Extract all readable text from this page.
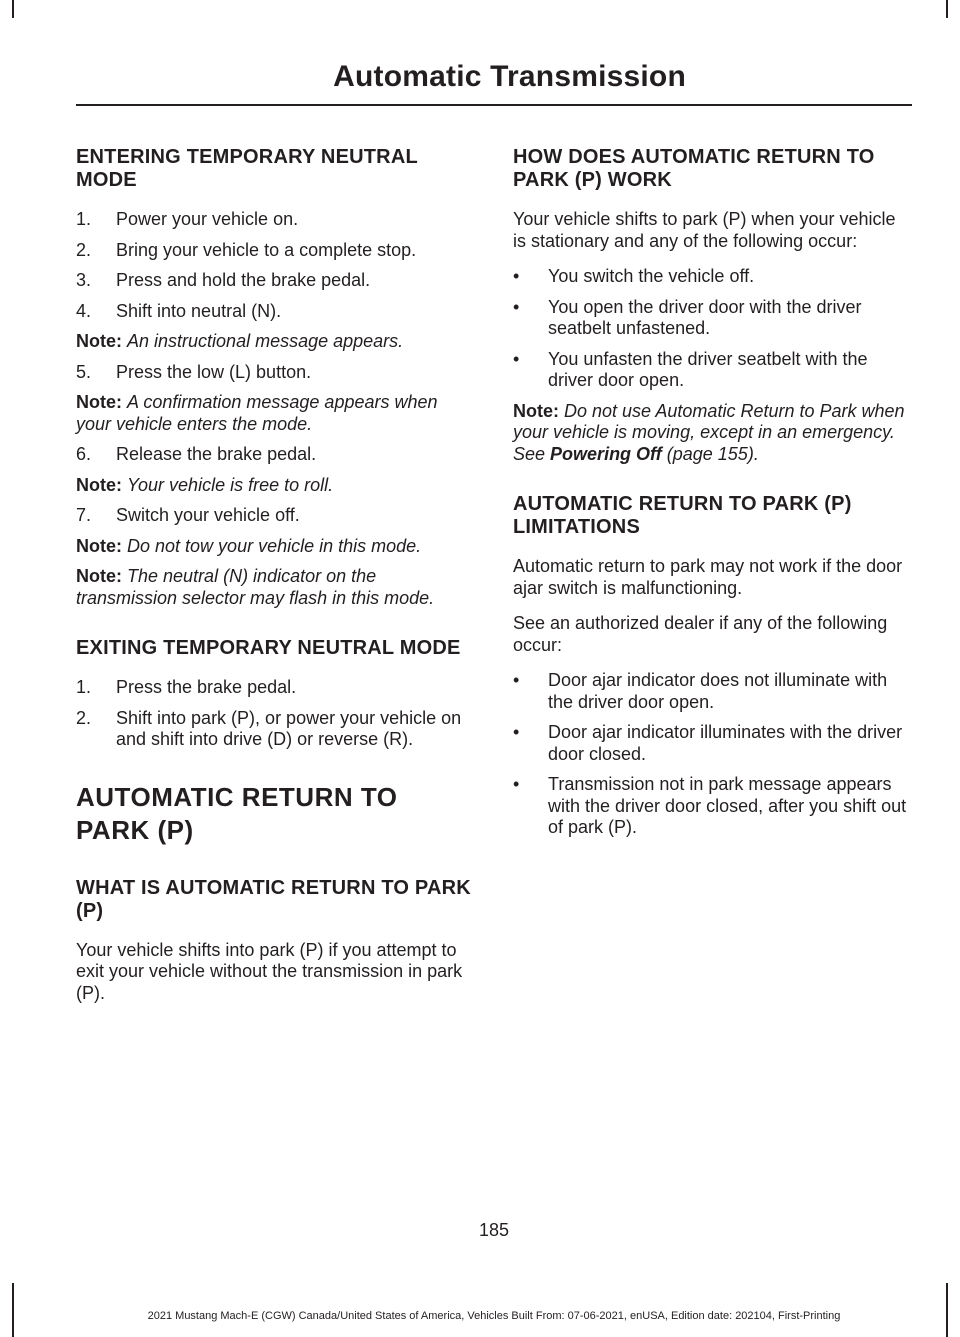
Automatic Transmission
ENTERING TEMPORARY NEUTRAL MODE
1.	Power your vehicle on.
2.	Bring your vehicle to a complete stop.
3.	Press and hold the brake pedal.
4.	Shift into neutral (N).

Note: An instructional message appears.

5.	Press the low (L) button.

Note: A confirmation message appears when your vehicle enters the mode.

6.	Release the brake pedal.

Note: Your vehicle is free to roll.

7.	Switch your vehicle off.

Note: Do not tow your vehicle in this mode.

Note: The neutral (N) indicator on the transmission selector may flash in this mode.

EXITING TEMPORARY NEUTRAL MODE
1.	Press the brake pedal.
2.	Shift into park (P), or power your vehicle on and shift into drive (D) or reverse (R).
AUTOMATIC RETURN TO
PARK (P)
WHAT IS AUTOMATIC RETURN TO PARK (P)

Your vehicle shifts into park (P) if you attempt to exit your vehicle without the transmission in park (P).

HOW DOES AUTOMATIC RETURN TO PARK (P) WORK

Your vehicle shifts to park (P) when your vehicle is stationary and any of the following occur:

•	You switch the vehicle off.
•	You open the driver door with the driver seatbelt unfastened.
•	You unfasten the driver seatbelt with the driver door open.

Note: Do not use Automatic Return to Park when your vehicle is moving, except in an emergency. See Powering Off (page 155).

AUTOMATIC RETURN TO PARK (P) LIMITATIONS

Automatic return to park may not work if the door ajar switch is malfunctioning.

See an authorized dealer if any of the following occur:

•	Door ajar indicator does not illuminate with the driver door open.
•	Door ajar indicator illuminates with the driver door closed.
•	Transmission not in park message appears with the driver door closed, after you shift out of park (P).

185

2021 Mustang Mach-E (CGW) Canada/United States of America, Vehicles Built From: 07-06-2021, enUSA, Edition date: 202104, First-Printing
